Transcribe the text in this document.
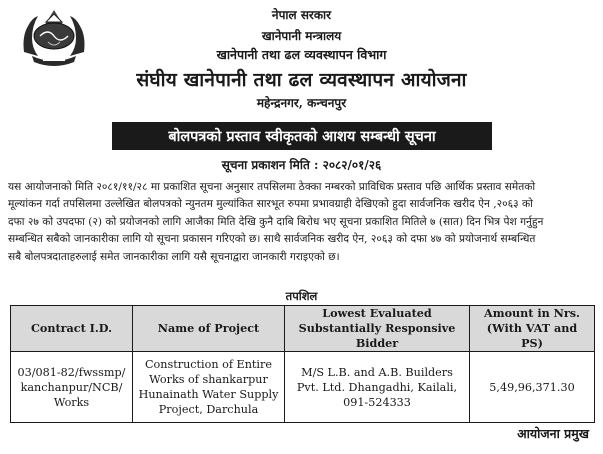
नेपाल सरकार
खानेपानी मन्त्रालय
खानेपानी तथा ढल व्यवस्थापन विभाग
संघीय खानेपानी तथा ढल व्यवस्थापन आयोजना
महेन्द्रनगर, कन्चनपुर
बोलपत्रको प्रस्ताव स्वीकृतको आशय सम्बन्धी सूचना
सूचना प्रकाशन मिति : २०८२/०१/२६
यस आयोजनाको मिति २०८१/११/२८ मा प्रकाशित सूचना अनुसार तपसिलमा ठेक्का नम्बरको प्राविधिक प्रस्ताव पछि आर्थिक प्रस्ताव समेतको
मूल्यांकन गर्दा तपसिलमा उल्लेखित बोलपत्रको न्युनतम मुल्यांकित सारभूत रुपमा प्रभावग्राही देखिएको हुदा सार्वजनिक खरीद ऐन ,२०६३ को
दफा २७ को उपदफा (२) को प्रयोजनको लागि आजैका मिति देखि कुनै दाबि बिरोध भए सूचना प्रकाशित मितिले ७ (सात) दिन भित्र पेश गर्नुहुन
सम्बन्धित सबैको जानकारीका लागि यो सूचना प्रकासन गरिएको छ। साथै सार्वजनिक खरीद ऐन, २०६३ को दफा ४७ को प्रयोजनार्थ सम्बन्धित
सबै बोलपत्रदाताहरुलाई समेत जानकारीका लागि यसै सूचनाद्वारा जानकारी गराइएको छ।
तपशिल
Contract I.D.	Name of Project	Lowest Evaluated Substantially Responsive Bidder	Amount in Nrs. (With VAT and PS)
03/081-82/fwssmp/ kanchanpur/NCB/ Works	Construction of Entire Works of shankarpur Hunainath Water Supply Project, Darchula	M/S L.B. and A.B. Builders Pvt. Ltd. Dhangadhi, Kailali, 091-524333	5,49,96,371.30
आयोजना प्रमुख
